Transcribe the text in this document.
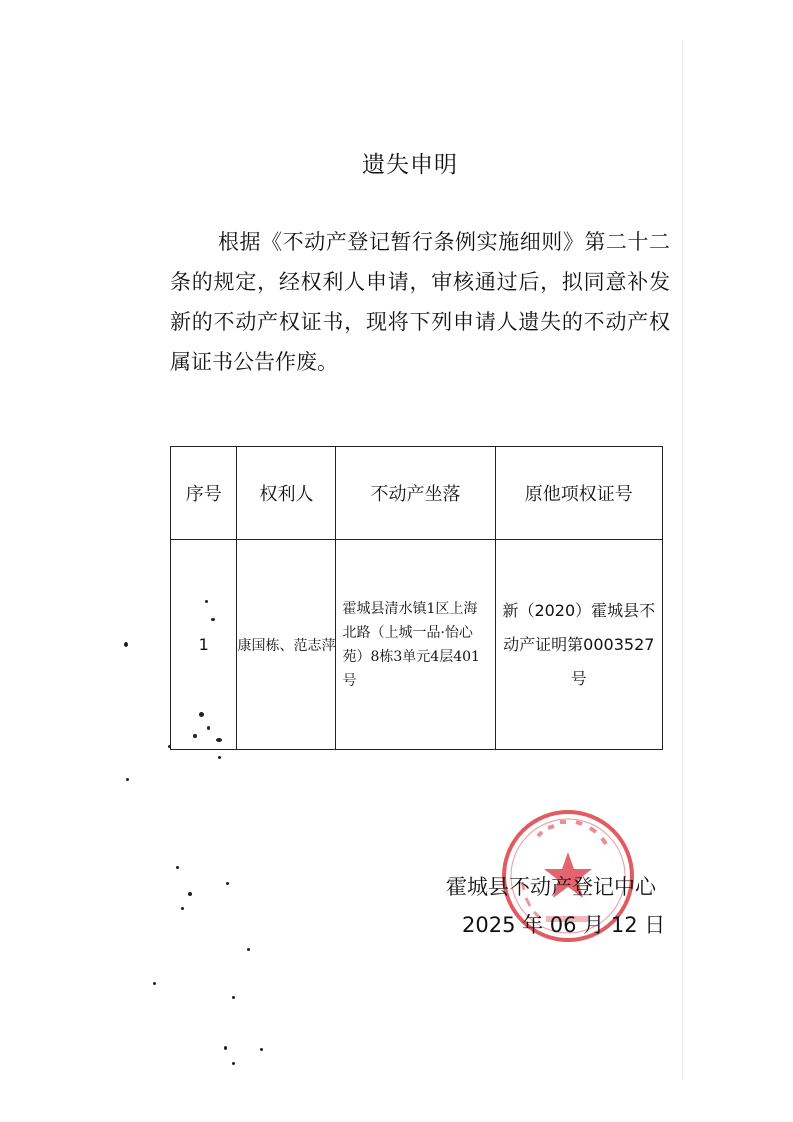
遗失申明

根据《不动产登记暂行条例实施细则》第二十二条的规定，经权利人申请，审核通过后，拟同意补发新的不动产权证书，现将下列申请人遗失的不动产权属证书公告作废。

序号	权利人	不动产坐落	原他项权证号
1	康国栋、范志萍	霍城县清水镇1区上海北路（上城一品·怡心苑）8栋3单元4层401号	新（2020）霍城县不动产证明第0003527号
霍城县不动产登记中心
2025 年 06 月 12 日
